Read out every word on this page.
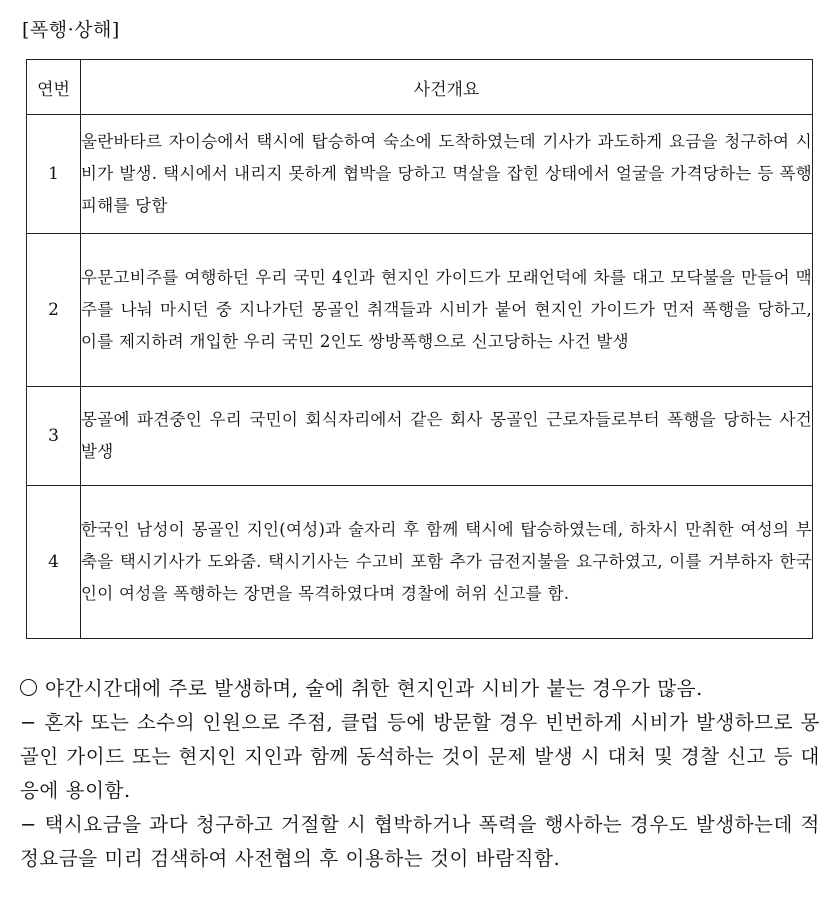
[폭행·상해]
연번	사건개요
1	울란바타르 자이승에서 택시에 탑승하여 숙소에 도착하였는데 기사가 과도하게 요금을 청구하여 시비가 발생. 택시에서 내리지 못하게 협박을 당하고 멱살을 잡힌 상태에서 얼굴을 가격당하는 등 폭행피해를 당함
2	우문고비주를 여행하던 우리 국민 4인과 현지인 가이드가 모래언덕에 차를 대고 모닥불을 만들어 맥주를 나눠 마시던 중 지나가던 몽골인 취객들과 시비가 붙어 현지인 가이드가 먼저 폭행을 당하고, 이를 제지하려 개입한 우리 국민 2인도 쌍방폭행으로 신고당하는 사건 발생
3	몽골에 파견중인 우리 국민이 회식자리에서 같은 회사 몽골인 근로자들로부터 폭행을 당하는 사건 발생
4	한국인 남성이 몽골인 지인(여성)과 술자리 후 함께 택시에 탑승하였는데, 하차시 만취한 여성의 부축을 택시기사가 도와줌. 택시기사는 수고비 포함 추가 금전지불을 요구하였고, 이를 거부하자 한국인이 여성을 폭행하는 장면을 목격하였다며 경찰에 허위 신고를 함.
야간시간대에 주로 발생하며, 술에 취한 현지인과 시비가 붙는 경우가 많음.
− 혼자 또는 소수의 인원으로 주점, 클럽 등에 방문할 경우 빈번하게 시비가 발생하므로 몽골인 가이드 또는 현지인 지인과 함께 동석하는 것이 문제 발생 시 대처 및 경찰 신고 등 대응에 용이함.
− 택시요금을 과다 청구하고 거절할 시 협박하거나 폭력을 행사하는 경우도 발생하는데 적정요금을 미리 검색하여 사전협의 후 이용하는 것이 바람직함.
